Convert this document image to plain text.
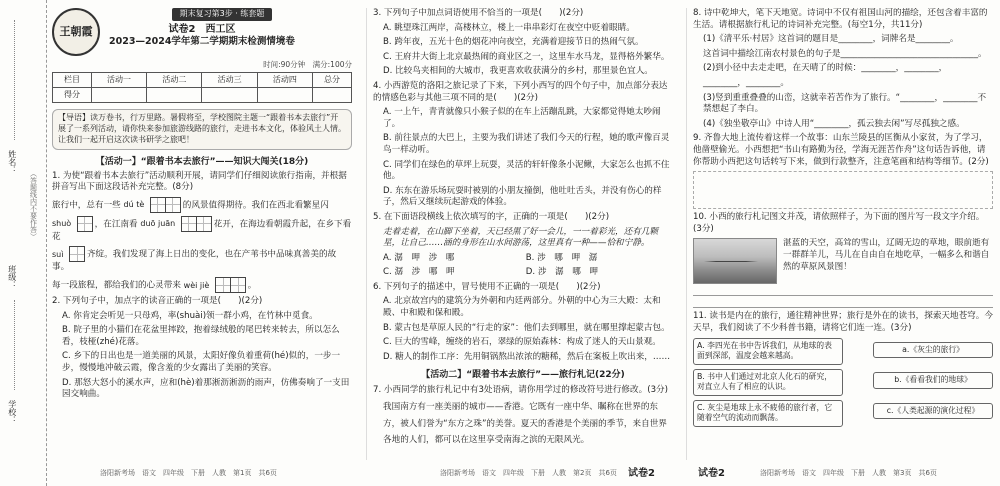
姓名：
班级：
学校：
（答题线内不要作答）
王朝霞
期末复习第3步 · 练套题
试卷2　西工区
2023—2024学年第二学期期末检测情境卷
时间:90分钟　满分:100分
栏目	活动一	活动二	活动三	活动四	总分
得分					
【导语】读万卷书，行万里路。暑假将至，学校图院主题一“跟着书本去旅行”开展了一系列活动，请你快来参加旅游线路的旅行，走进书本文化，体验风土人情。让我们一起开启这次读书研学之旅吧！
【活动一】“跟着书本去旅行”——知识大闯关(18分)

1. 为使“跟着书本去旅行”活动顺利开展，请同学们仔细阅读旅行指南，并根据拼音写出下面这段话补充完整。(8分)

旅行中，总有一些 dú tè	的风景值得期待。我们在西北看繁星闪

shuò	，在江南看 duō juān	花开，在海边看朝霞升起，在乡下看花

suì	齐绽。我们发现了海上日出的变化，也在产苇书中品味真善美的故事。

每一段旅程，都给我们的心灵带来 wèi jiè	。

2. 下列句子中，加点字的读音正确的一项是(　　)(2分)

A. 你肯定会听见一只母鸡，率(shuài)领一群小鸡，在竹林中觅食。

B. 院子里的小猫们在花盆里摔跤，抱着绿绒般的尾巴转来转去，所以怎么看，枝桠(zhé)花落。

C. 乡下的日出也是一道美丽的风景，太阳好像负着重荷(hé)似的，一步一步，慢慢地冲破云霞，像含羞的少女露出了美丽的笑容。

D. 那怒大怒小的溪水声，应和(hè)着那淅沥淅沥的雨声，仿佛奏响了一支田园交响曲。

3. 下列句子中加点词语使用不恰当的一项是(　　)(2分)

A. 眺望珠江两岸，高楼林立，楼上一串串彩灯在夜空中贬着眼睛。

B. 跨年夜，五光十色的烟花冲向夜空，充满着迎接节日的热闹气氛。

C. 王府井大街上北京最热闹的商业区之一，这里车水马龙，显得格外繁华。

D. 比较鸟夹相间的大城市，我更喜欢收获满分的乡村，那里景色宜人。

4. 小西游览的洛阳之旅记录了下来，下列小西写的四个句子中，加点部分表达的情感色彩与其他三项不同的是(　　)(2分)

A. 一上午，青青就像只小猴子似的在车上活蹦乱跳，大家都觉得她太吵闹了。

B. 前往景点的大巴上，主要为我们讲述了我们今天的行程，她的歌声像百灵鸟一样动听。

C. 同学们在绿色的草坪上玩耍，灵活的轩轩像条小泥鳅，大家怎么也抓不住他。

D. 东东在游乐场玩耍时被别的小朋友撞倒，他吐吐舌头，并没有伤心的样子，然后又继续玩起游戏的体验。

5. 在下面语段横线上依次填写的字，正确的一项是(　　)(2分)

走着走着，在山脚下坐着，天已经黑了好一会儿，一一着彩光，还有几颗星，让自己……涵的身形在山水间游荡，这里真有一种——恰和宁静。

A. 潺　呷　涉　哪	B. 涉　哪　呷　潺

C. 潺　涉　哪　呷	D. 涉　潺　哪　呷

6. 下列句子的描述中，冒号使用不正确的一项是(　　)(2分)

A. 北京故宫内的建筑分为外朝和内廷两部分。外朝的中心为三大殿：太和殿、中和殿和保和殿。

B. 蒙古包是草原人民的“行走的家”：他们去到哪里，就在哪里撑起蒙古包。

C. 巨大的雪峰，缠绕的岩石，翠绿的原始森林：构成了迷人的天山景观。

D. 糖人的制作工序：先用铜锅熬出浓浓的糖稀，然后在案板上吹出来，……

【活动二】“跟着书本去旅行”——旅行札记(22分)

7. 小西同学的旅行札记中有3处语病，请你用学过的修改符号进行修改。(3分)

我国南方有一座美丽的城市——香港。它既有一座中华、瞩称在世界的东方，被人们誉为“东方之珠”的美誉。夏天的香港是个美丽的季节，来自世界各地的人们，都可以在这里享受南海之滨的无限风光。

8. 诗中乾坤大，笔下天地宽。诗词中不仅有祖国山河的描绘，还包含着丰富的生活。请根据旅行札记的诗词补充完整。(每空1分，共11分)

(1)《清平乐·村居》这首词的题目是________，词牌名是________。

这首词中描绘江南农村景色的句子是________________________________。

(2)到小径中去走走吧，在天晴了的时候：________，________，

________，________。

(3)竖到重重叠叠的山峦，这就幸若苦作为了旅行。“________，________不禁想起了李白。

(4)《独坐敬亭山》中诗人用“________，孤云独去闲”写尽孤独之感。

9. 齐鲁大地上流传着这样一个故事：山东兰陵县的匡衡从小家贫，为了学习，他凿壁偷光。小西想把“书山有路勤为径，学海无涯苦作舟”这句话告诉他，请你帮助小西把这句话转写下来，做到行款整齐，注意笔画和结构等细节。(2分)

10. 小西的旅行札记图文并茂，请依照样子，为下面的图片写一段文字介绍。(3分)

湛蓝的天空，高耸的雪山，辽阔无边的草地，眼前逝有一群群羊儿，马儿在自由自在地吃草，一幅多么和谐自然的草原风景图！

11. 读书是内在的旅行，通往精神世界；旅行是外在的读书，探索天地苍穹。今天早，我们阅读了不少科普书籍，请将它们连一连。(3分)

A. 李四光在书中告诉我们，从地球的表面到深部，温度会越来越高。
B. 书中人们通过对北京人化石的研究，对直立人有了相应的认识。
C. 灰尘是地球上永不疲倦的旅行者，它随着空气的流动而飘荡。
a.《灰尘的旅行》
b.《看看我们的地球》
c.《人类起源的演化过程》
洛阳新考场　语文　四年级　下册　人教　第1页　共6页	洛阳新考场　语文　四年级　下册　人教　第2页　共6页 试卷2	试卷2	洛阳新考场　语文　四年级　下册　人教　第3页　共6页
